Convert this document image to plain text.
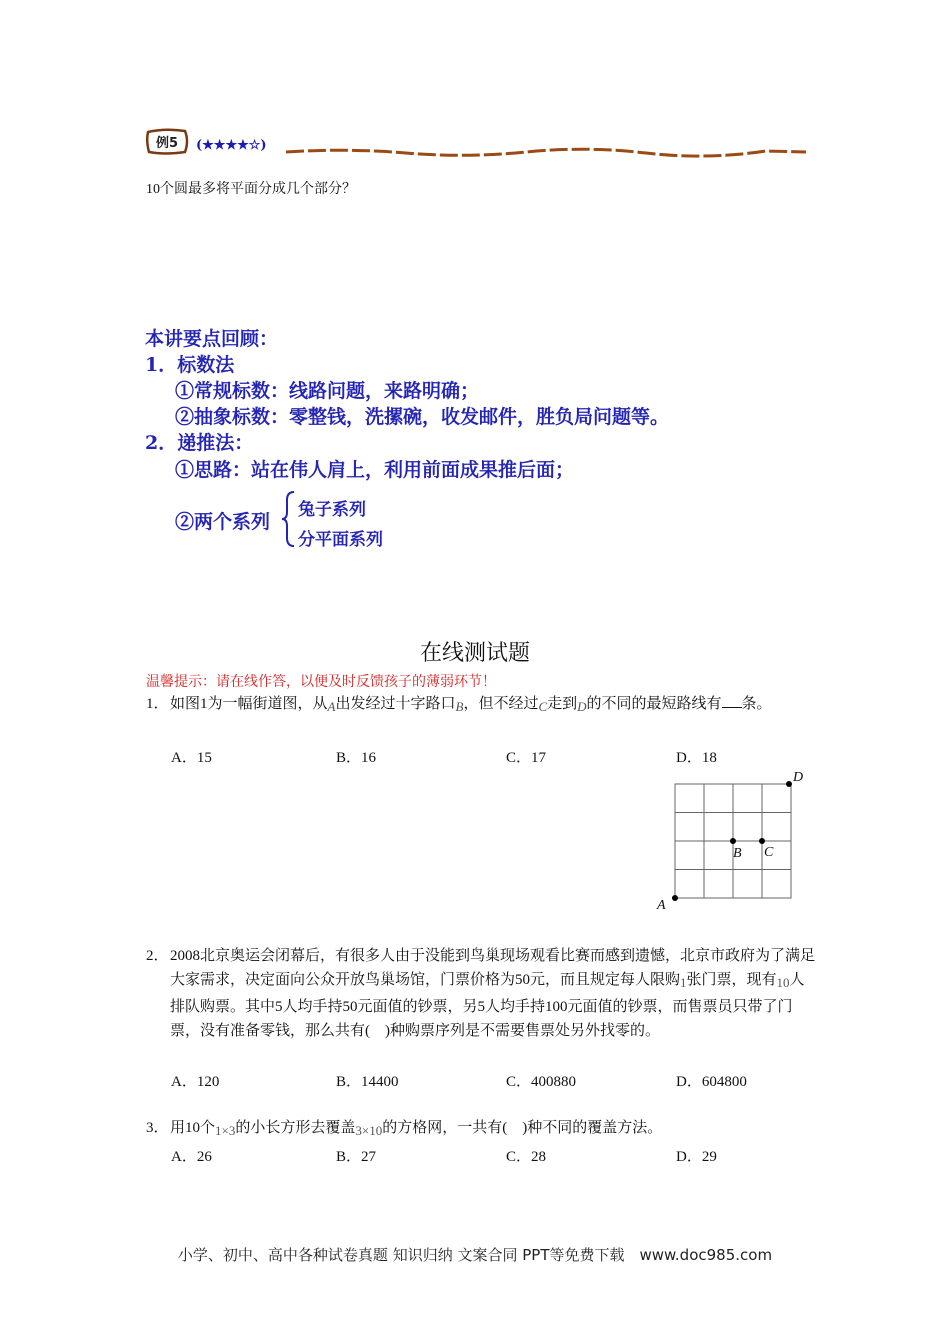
例5 (★★★★☆)
10个圆最多将平面分成几个部分？
本讲要点回顾：
1．标数法
①常规标数：线路问题，来路明确；
②抽象标数：零整钱，洗摞碗，收发邮件，胜负局问题等。
2．递推法：
①思路：站在伟人肩上，利用前面成果推后面；
②两个系列
兔子系列
分平面系列
在线测试题
温馨提示：请在线作答，以便及时反馈孩子的薄弱环节！
1． 如图1为一幅街道图，从A出发经过十字路口B，但不经过C走到D的不同的最短路线有 条。
A．15	B．16	C．17	D．18
A
B C
D
2． 2008北京奥运会闭幕后，有很多人由于没能到鸟巢现场观看比赛而感到遗憾，北京市政府为了满足大家需求，决定面向公众开放鸟巢场馆，门票价格为50元，而且规定每人限购1张门票，现有10人排队购票。其中5人均手持50元面值的钞票，另5人均手持100元面值的钞票，而售票员只带了门票，没有准备零钱，那么共有(　)种购票序列是不需要售票处另外找零的。
A．120	B．14400	C．400880	D．604800
3． 用10个1×3的小长方形去覆盖3×10的方格网，一共有(　)种不同的覆盖方法。
A．26	B．27	C．28	D．29
小学、初中、高中各种试卷真题 知识归纳 文案合同 PPT等免费下载　www.doc985.com
